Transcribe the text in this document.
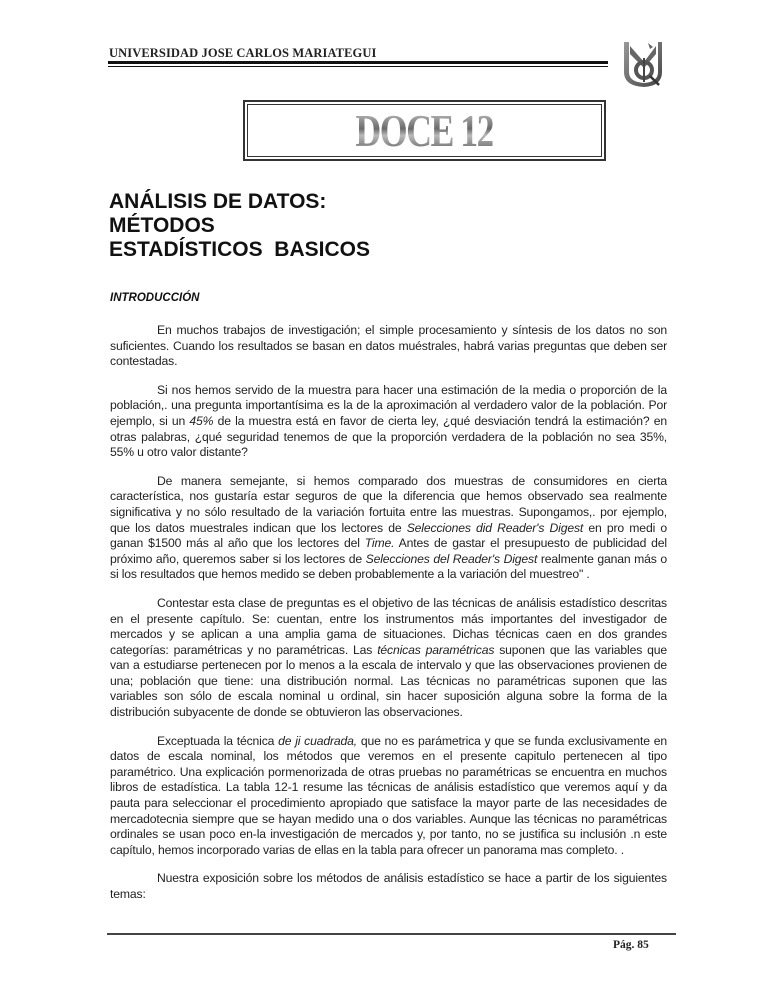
UNIVERSIDAD JOSE CARLOS MARIATEGUI
DOCE 12
ANÁLISIS DE DATOS:
MÉTODOS
ESTADÍSTICOS  BASICOS
INTRODUCCIÓN

En muchos trabajos de investigación; el simple procesamiento y síntesis de los datos no son suficientes. Cuando los resultados se basan en datos muéstrales, habrá varias preguntas que deben ser contestadas.

Si nos hemos servido de la muestra para hacer una estimación de la media o proporción de la población,. una pregunta importantísima es la de la aproximación al verdadero valor de la población. Por ejemplo, si un 45% de la muestra está en favor de cierta ley, ¿qué desviación tendrá la estimación? en otras palabras, ¿qué seguridad tenemos de que la proporción verdadera de la población no sea 35%, 55% u otro valor distante?

De manera semejante, si hemos comparado dos muestras de consumidores en cierta característica, nos gustaría estar seguros de que la diferencia que hemos observado sea realmente significativa y no sólo resultado de la variación fortuita entre las muestras. Supongamos,. por ejemplo, que los datos muestrales indican que los lectores de Selecciones did Reader's Digest en pro medi o ganan $1500 más al año que los lectores del Time. Antes de gastar el presupuesto de publicidad del próximo año, queremos saber si los lectores de Selecciones del Reader's Digest realmente ganan más o si los resultados que hemos medido se deben probablemente a la variación del muestreo" .

Contestar esta clase de preguntas es el objetivo de las técnicas de análisis estadístico descritas en el presente capítulo. Se: cuentan, entre los instrumentos más importantes del investigador de mercados y se aplican a una amplia gama de situaciones. Dichas técnicas caen en dos grandes categorías: paramétricas y no paramétricas. Las técnicas paramétricas suponen que las variables que van a estudiarse pertenecen por lo menos a la escala de intervalo y que las observaciones provienen de una; población que tiene: una distribución normal. Las técnicas no paramétricas suponen que las variables son sólo de escala nominal u ordinal, sin hacer suposición alguna sobre la forma de la distribución subyacente de donde se obtuvieron las observaciones.

Exceptuada la técnica de ji cuadrada, que no es parámetrica y que se funda exclusivamente en datos de escala nominal, los métodos que veremos en el presente capitulo pertenecen al tipo paramétrico. Una explicación pormenorizada de otras pruebas no paramétricas se encuentra en muchos libros de estadística. La tabla 12-1 resume las técnicas de análisis estadístico que veremos aquí y da pauta para seleccionar el procedimiento apropiado que satisface la mayor parte de las necesidades de mercadotecnia siempre que se hayan medido una o dos variables. Aunque las técnicas no paramétricas ordinales se usan poco en-la investigación de mercados y, por tanto, no se justifica su inclusión .n este capítulo, hemos incorporado varias de ellas en la tabla para ofrecer un panorama mas completo. .

Nuestra exposición sobre los métodos de análisis estadístico se hace a partir de los siguientes temas:

Pág. 85
